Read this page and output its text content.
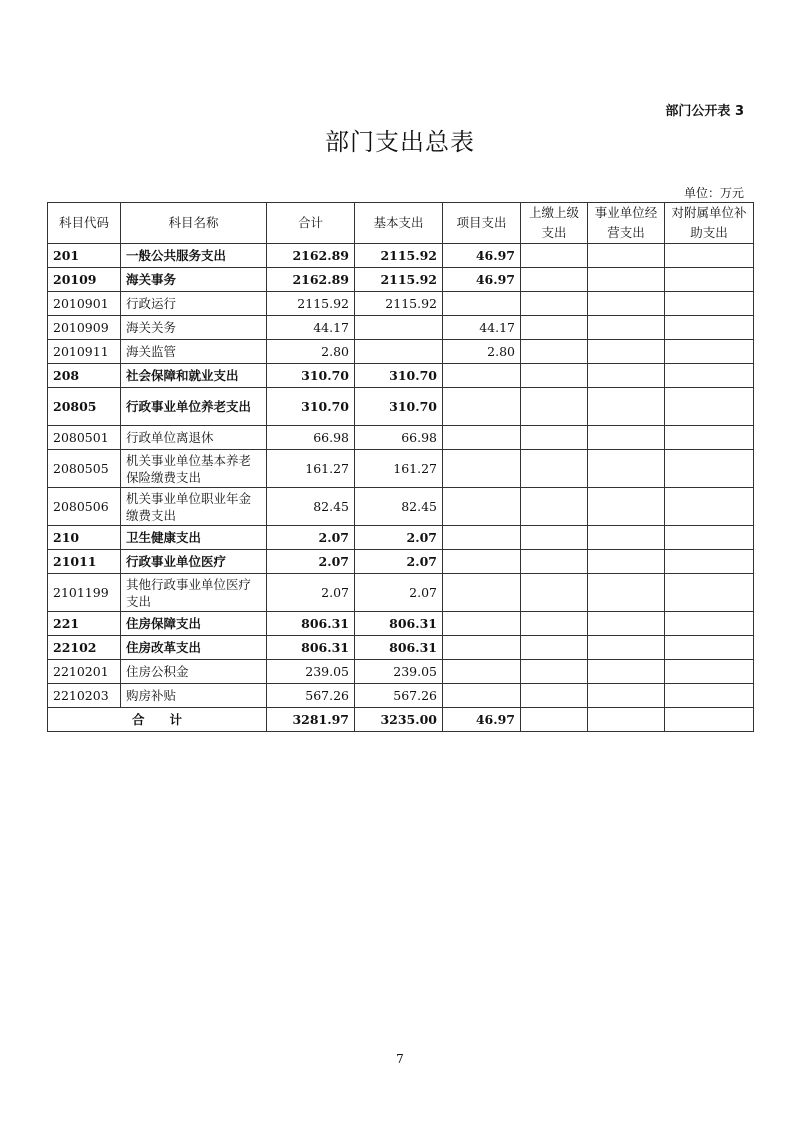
部门公开表 3
部门支出总表
单位：万元
科目代码	科目名称	合计	基本支出	项目支出	上缴上级支出	事业单位经营支出	对附属单位补助支出
201	一般公共服务支出	2162.89	2115.92	46.97			
20109	海关事务	2162.89	2115.92	46.97			
2010901	行政运行	2115.92	2115.92				
2010909	海关关务	44.17		44.17			
2010911	海关监管	2.80		2.80			
208	社会保障和就业支出	310.70	310.70				
20805	行政事业单位养老支出	310.70	310.70				
2080501	行政单位离退休	66.98	66.98				
2080505	机关事业单位基本养老保险缴费支出	161.27	161.27				
2080506	机关事业单位职业年金缴费支出	82.45	82.45				
210	卫生健康支出	2.07	2.07				
21011	行政事业单位医疗	2.07	2.07				
2101199	其他行政事业单位医疗支出	2.07	2.07				
221	住房保障支出	806.31	806.31				
22102	住房改革支出	806.31	806.31				
2210201	住房公积金	239.05	239.05				
2210203	购房补贴	567.26	567.26				
合　　计		3281.97	3235.00	46.97			
7
